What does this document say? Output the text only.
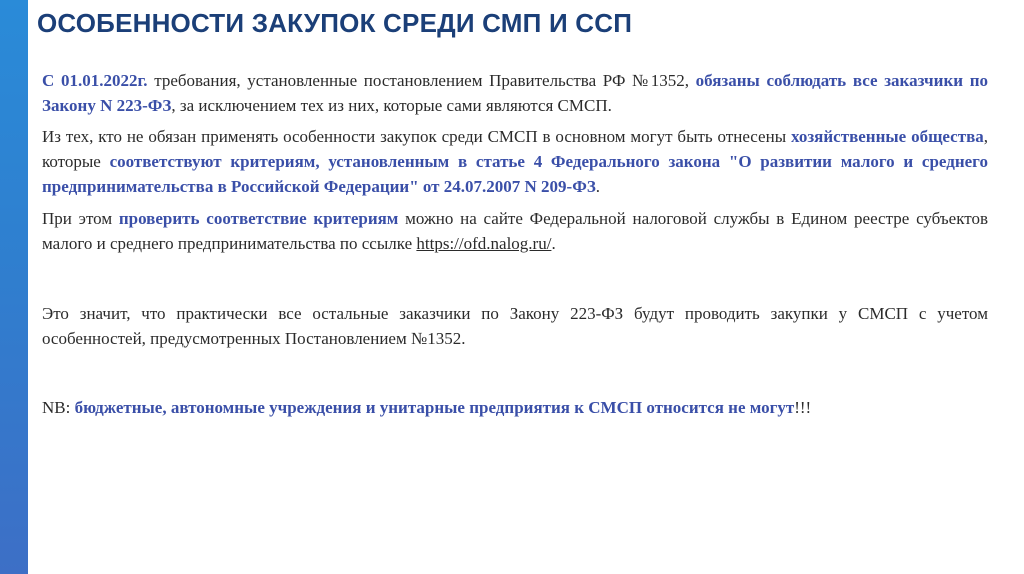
ОСОБЕННОСТИ ЗАКУПОК СРЕДИ СМП И ССП

С 01.01.2022г. требования, установленные постановлением Правительства РФ №1352, обязаны соблюдать все заказчики по Закону N 223-ФЗ, за исключением тех из них, которые сами являются СМСП.

Из тех, кто не обязан применять особенности закупок среди СМСП в основном могут быть отнесены хозяйственные общества, которые соответствуют критериям, установленным в статье 4 Федерального закона "О развитии малого и среднего предпринимательства в Российской Федерации" от 24.07.2007 N 209-ФЗ.

При этом проверить соответствие критериям можно на сайте Федеральной налоговой службы в Едином реестре субъектов малого и среднего предпринимательства по ссылке https://ofd.nalog.ru/.

Это значит, что практически все остальные заказчики по Закону 223-ФЗ будут проводить закупки у СМСП с учетом особенностей, предусмотренных Постановлением №1352.

NB: бюджетные, автономные учреждения и унитарные предприятия к СМСП относится не могут!!!
